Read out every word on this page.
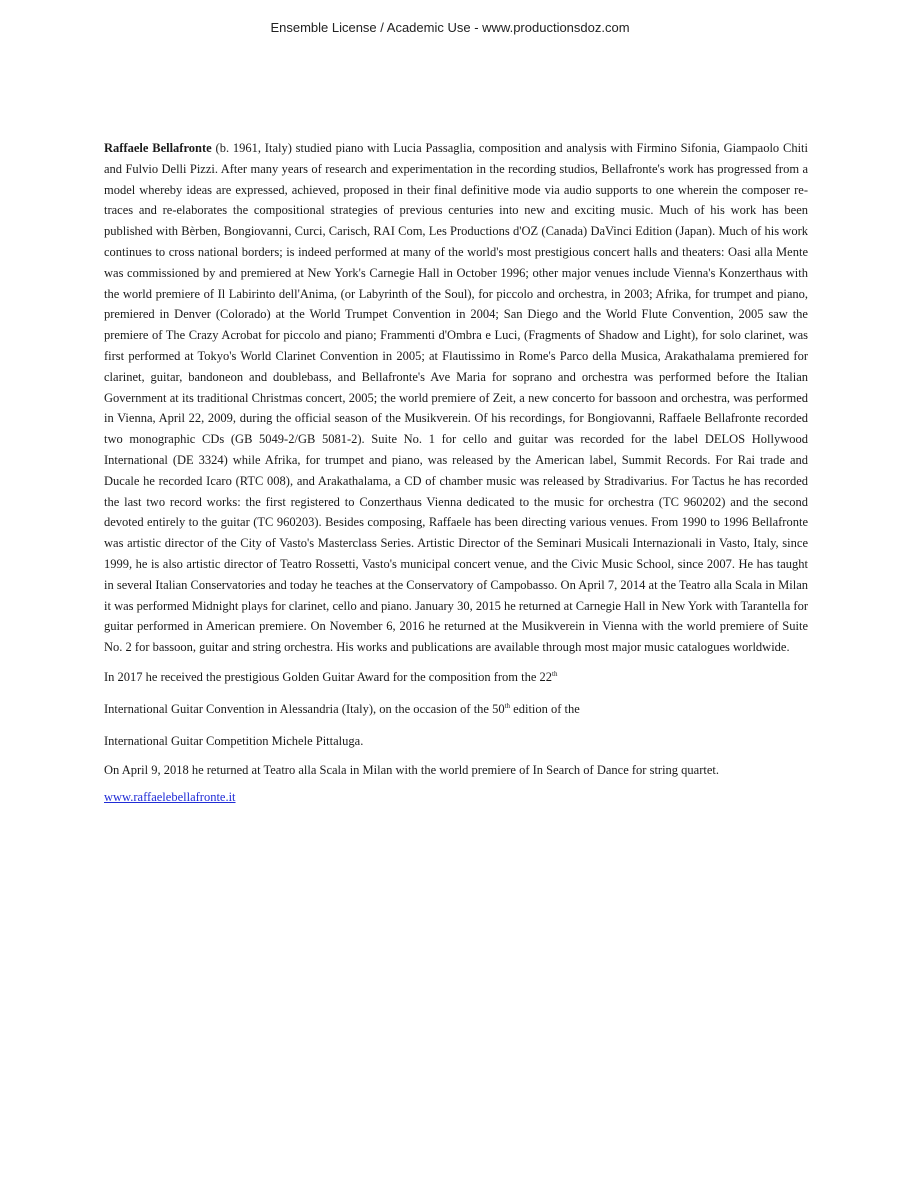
Ensemble License / Academic Use - www.productionsdoz.com

Raffaele Bellafronte (b. 1961, Italy) studied piano with Lucia Passaglia, composition and analysis with Firmino Sifonia, Giampaolo Chiti and Fulvio Delli Pizzi. After many years of research and experimentation in the recording studios, Bellafronte's work has progressed from a model whereby ideas are expressed, achieved, proposed in their final definitive mode via audio supports to one wherein the composer re-traces and re-elaborates the compositional strategies of previous centuries into new and exciting music. Much of his work has been published with Bèrben, Bongiovanni, Curci, Carisch, RAI Com, Les Productions d'OZ (Canada) DaVinci Edition (Japan). Much of his work continues to cross national borders; is indeed performed at many of the world's most prestigious concert halls and theaters: Oasi alla Mente was commissioned by and premiered at New York's Carnegie Hall in October 1996; other major venues include Vienna's Konzerthaus with the world premiere of Il Labirinto dell'Anima, (or Labyrinth of the Soul), for piccolo and orchestra, in 2003; Afrika, for trumpet and piano, premiered in Denver (Colorado) at the World Trumpet Convention in 2004; San Diego and the World Flute Convention, 2005 saw the premiere of The Crazy Acrobat for piccolo and piano; Frammenti d'Ombra e Luci, (Fragments of Shadow and Light), for solo clarinet, was first performed at Tokyo's World Clarinet Convention in 2005; at Flautissimo in Rome's Parco della Musica, Arakathalama premiered for clarinet, guitar, bandoneon and doublebass, and Bellafronte's Ave Maria for soprano and orchestra was performed before the Italian Government at its traditional Christmas concert, 2005; the world premiere of Zeit, a new concerto for bassoon and orchestra, was performed in Vienna, April 22, 2009, during the official season of the Musikverein. Of his recordings, for Bongiovanni, Raffaele Bellafronte recorded two monographic CDs (GB 5049-2/GB 5081-2). Suite No. 1 for cello and guitar was recorded for the label DELOS Hollywood International (DE 3324) while Afrika, for trumpet and piano, was released by the American label, Summit Records. For Rai trade and Ducale he recorded Icaro (RTC 008), and Arakathalama, a CD of chamber music was released by Stradivarius. For Tactus he has recorded the last two record works: the first registered to Conzerthaus Vienna dedicated to the music for orchestra (TC 960202) and the second devoted entirely to the guitar (TC 960203). Besides composing, Raffaele has been directing various venues. From 1990 to 1996 Bellafronte was artistic director of the City of Vasto's Masterclass Series. Artistic Director of the Seminari Musicali Internazionali in Vasto, Italy, since 1999, he is also artistic director of Teatro Rossetti, Vasto's municipal concert venue, and the Civic Music School, since 2007. He has taught in several Italian Conservatories and today he teaches at the Conservatory of Campobasso. On April 7, 2014 at the Teatro alla Scala in Milan it was performed Midnight plays for clarinet, cello and piano. January 30, 2015 he returned at Carnegie Hall in New York with Tarantella for guitar performed in American premiere. On November 6, 2016 he returned at the Musikverein in Vienna with the world premiere of Suite No. 2 for bassoon, guitar and string orchestra. His works and publications are available through most major music catalogues worldwide.

In 2017 he received the prestigious Golden Guitar Award for the composition from the 22th

International Guitar Convention in Alessandria (Italy), on the occasion of the 50th edition of the

International Guitar Competition Michele Pittaluga.

On April 9, 2018 he returned at Teatro alla Scala in Milan with the world premiere of In Search of Dance for string quartet.

www.raffaelebellafronte.it
